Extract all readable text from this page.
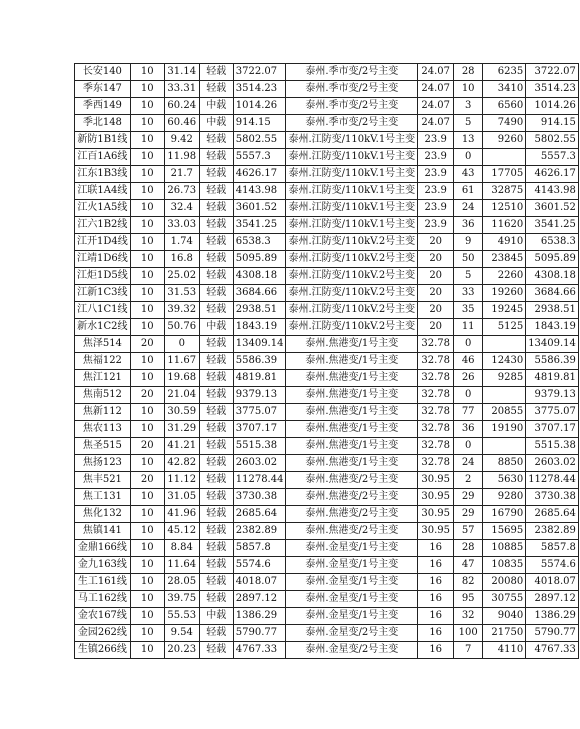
长安140	10	31.14	轻载	3722.07	泰州.季市变/2号主变	24.07	28	6235	3722.07
季东147	10	33.31	轻载	3514.23	泰州.季市变/2号主变	24.07	10	3410	3514.23
季西149	10	60.24	中载	1014.26	泰州.季市变/2号主变	24.07	3	6560	1014.26
季北148	10	60.46	中载	914.15	泰州.季市变/2号主变	24.07	5	7490	914.15
新防1B1线	10	9.42	轻载	5802.55	泰州.江防变/110kV.1号主变	23.9	13	9260	5802.55
江百1A6线	10	11.98	轻载	5557.3	泰州.江防变/110kV.1号主变	23.9	0		5557.3
江东1B3线	10	21.7	轻载	4626.17	泰州.江防变/110kV.1号主变	23.9	43	17705	4626.17
江联1A4线	10	26.73	轻载	4143.98	泰州.江防变/110kV.1号主变	23.9	61	32875	4143.98
江火1A5线	10	32.4	轻载	3601.52	泰州.江防变/110kV.1号主变	23.9	24	12510	3601.52
江六1B2线	10	33.03	轻载	3541.25	泰州.江防变/110kV.1号主变	23.9	36	11620	3541.25
江开1D4线	10	1.74	轻载	6538.3	泰州.江防变/110kV.2号主变	20	9	4910	6538.3
江靖1D6线	10	16.8	轻载	5095.89	泰州.江防变/110kV.2号主变	20	50	23845	5095.89
江炬1D5线	10	25.02	轻载	4308.18	泰州.江防变/110kV.2号主变	20	5	2260	4308.18
江新1C3线	10	31.53	轻载	3684.66	泰州.江防变/110kV.2号主变	20	33	19260	3684.66
江八1C1线	10	39.32	轻载	2938.51	泰州.江防变/110kV.2号主变	20	35	19245	2938.51
新水1C2线	10	50.76	中载	1843.19	泰州.江防变/110kV.2号主变	20	11	5125	1843.19
焦泽514	20	0	轻载	13409.14	泰州.焦港变/1号主变	32.78	0		13409.14
焦福122	10	11.67	轻载	5586.39	泰州.焦港变/1号主变	32.78	46	12430	5586.39
焦江121	10	19.68	轻载	4819.81	泰州.焦港变/1号主变	32.78	26	9285	4819.81
焦南512	20	21.04	轻载	9379.13	泰州.焦港变/1号主变	32.78	0		9379.13
焦新112	10	30.59	轻载	3775.07	泰州.焦港变/1号主变	32.78	77	20855	3775.07
焦农113	10	31.29	轻载	3707.17	泰州.焦港变/1号主变	32.78	36	19190	3707.17
焦圣515	20	41.21	轻载	5515.38	泰州.焦港变/1号主变	32.78	0		5515.38
焦扬123	10	42.82	轻载	2603.02	泰州.焦港变/1号主变	32.78	24	8850	2603.02
焦丰521	20	11.12	轻载	11278.44	泰州.焦港变/2号主变	30.95	2	5630	11278.44
焦工131	10	31.05	轻载	3730.38	泰州.焦港变/2号主变	30.95	29	9280	3730.38
焦化132	10	41.96	轻载	2685.64	泰州.焦港变/2号主变	30.95	29	16790	2685.64
焦镇141	10	45.12	轻载	2382.89	泰州.焦港变/2号主变	30.95	57	15695	2382.89
金鼎166线	10	8.84	轻载	5857.8	泰州.金星变/1号主变	16	28	10885	5857.8
金九163线	10	11.64	轻载	5574.6	泰州.金星变/1号主变	16	47	10835	5574.6
生工161线	10	28.05	轻载	4018.07	泰州.金星变/1号主变	16	82	20080	4018.07
马工162线	10	39.75	轻载	2897.12	泰州.金星变/1号主变	16	95	30755	2897.12
金农167线	10	55.53	中载	1386.29	泰州.金星变/1号主变	16	32	9040	1386.29
金园262线	10	9.54	轻载	5790.77	泰州.金星变/2号主变	16	100	21750	5790.77
生镇266线	10	20.23	轻载	4767.33	泰州.金星变/2号主变	16	7	4110	4767.33
